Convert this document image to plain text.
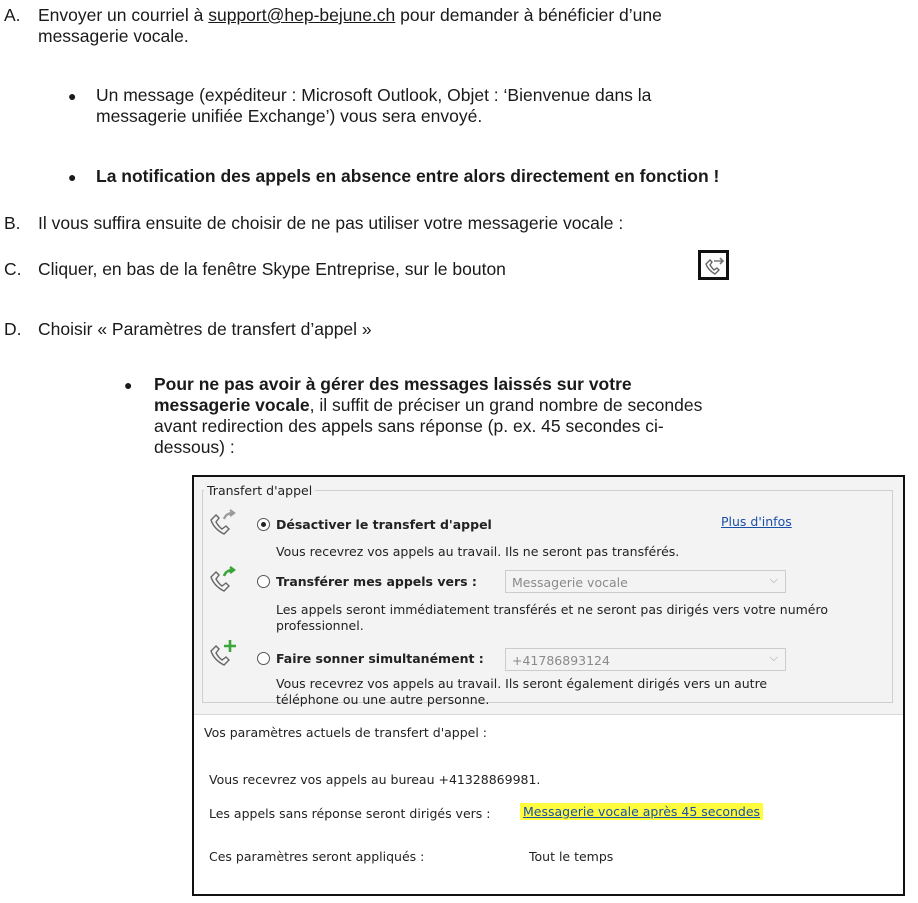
A. Envoyer un courriel à support@hep-bejune.ch pour demander à bénéficier d’une
messagerie vocale.
● Un message (expéditeur : Microsoft Outlook, Objet : ‘Bienvenue dans la
messagerie unifiée Exchange’) vous sera envoyé.
● La notification des appels en absence entre alors directement en fonction !
B. Il vous suffira ensuite de choisir de ne pas utiliser votre messagerie vocale :
C. Cliquer, en bas de la fenêtre Skype Entreprise, sur le bouton
D. Choisir « Paramètres de transfert d’appel »
● Pour ne pas avoir à gérer des messages laissés sur votre
messagerie vocale, il suffit de préciser un grand nombre de secondes
avant redirection des appels sans réponse (p. ex. 45 secondes ci-
dessous) :
Transfert d'appel
Désactiver le transfert d'appel	Plus d'infos
Vous recevrez vos appels au travail. Ils ne seront pas transférés.
Transférer mes appels vers :	Messagerie vocale	⌵
Les appels seront immédiatement transférés et ne seront pas dirigés vers votre numéro
professionnel.
Faire sonner simultanément : +41786893124	⌵
Vous recevrez vos appels au travail. Ils seront également dirigés vers un autre
téléphone ou une autre personne.
Vos paramètres actuels de transfert d'appel :
Vous recevrez vos appels au bureau +41328869981.
Les appels sans réponse seront dirigés vers :	Messagerie vocale après 45 secondes
Ces paramètres seront appliqués :	Tout le temps
